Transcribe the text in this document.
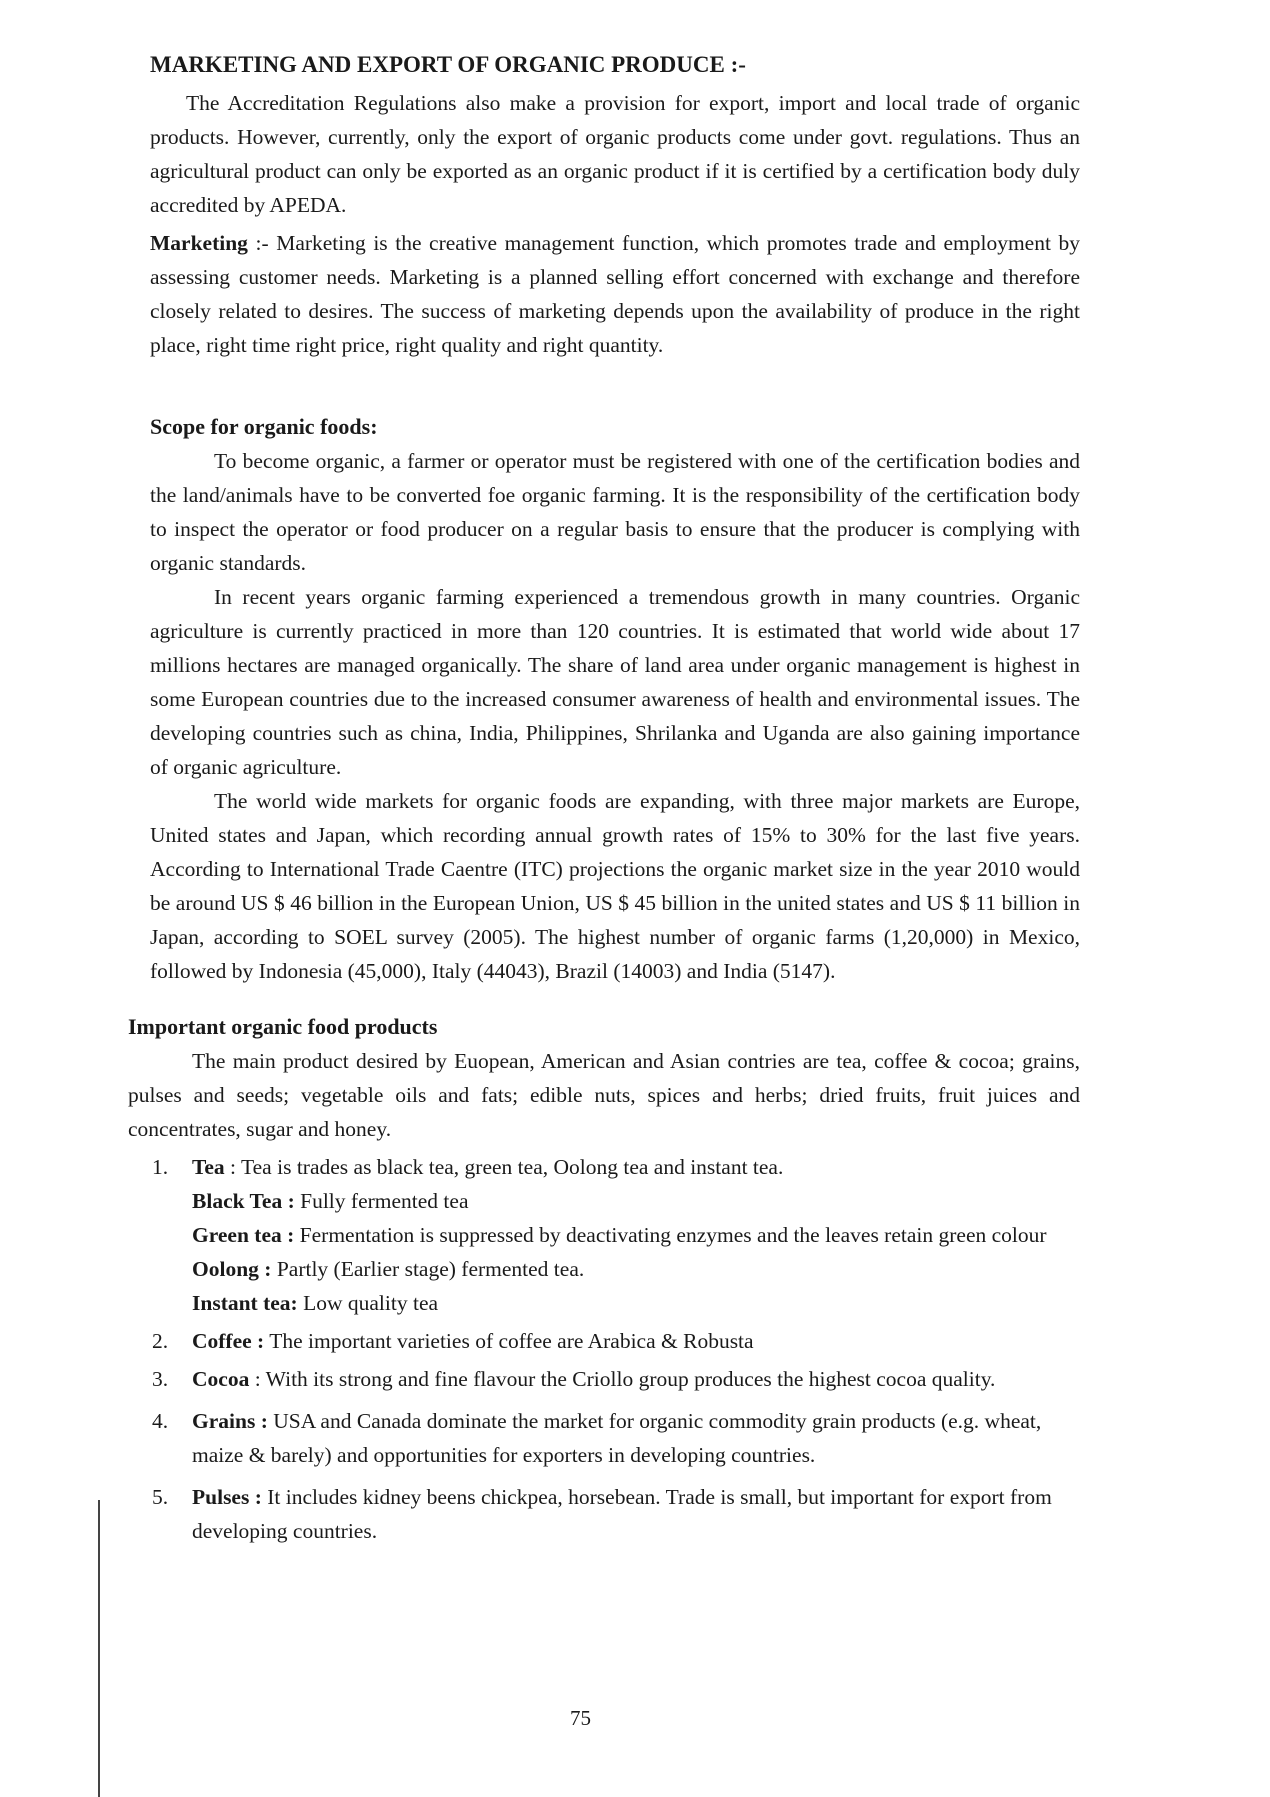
MARKETING AND EXPORT OF ORGANIC PRODUCE :-

The Accreditation Regulations also make a provision for export, import and local trade of organic products. However, currently, only the export of organic products come under govt. regulations. Thus an agricultural product can only be exported as an organic product if it is certified by a certification body duly accredited by APEDA.

Marketing :- Marketing is the creative management function, which promotes trade and employment by assessing customer needs. Marketing is a planned selling effort concerned with exchange and therefore closely related to desires. The success of marketing depends upon the availability of produce in the right place, right time right price, right quality and right quantity.

Scope for organic foods:

To become organic, a farmer or operator must be registered with one of the certification bodies and the land/animals have to be converted foe organic farming. It is the responsibility of the certification body to inspect the operator or food producer on a regular basis to ensure that the producer is complying with organic standards.

In recent years organic farming experienced a tremendous growth in many countries. Organic agriculture is currently practiced in more than 120 countries. It is estimated that world wide about 17 millions hectares are managed organically. The share of land area under organic management is highest in some European countries due to the increased consumer awareness of health and environmental issues. The developing countries such as china, India, Philippines, Shrilanka and Uganda are also gaining importance of organic agriculture.

The world wide markets for organic foods are expanding, with three major markets are Europe, United states and Japan, which recording annual growth rates of 15% to 30% for the last five years. According to International Trade Caentre (ITC) projections the organic market size in the year 2010 would be around US $ 46 billion in the European Union, US $ 45 billion in the united states and US $ 11 billion in Japan, according to SOEL survey (2005). The highest number of organic farms (1,20,000) in Mexico, followed by Indonesia (45,000), Italy (44043), Brazil (14003) and India (5147).

Important organic food products

The main product desired by Euopean, American and Asian contries are tea, coffee & cocoa; grains, pulses and seeds; vegetable oils and fats; edible nuts, spices and herbs; dried fruits, fruit juices and concentrates, sugar and honey.

1. Tea : Tea is trades as black tea, green tea, Oolong tea and instant tea.
Black Tea : Fully fermented tea
Green tea : Fermentation is suppressed by deactivating enzymes and the leaves retain green colour
Oolong : Partly (Earlier stage) fermented tea.
Instant tea: Low quality tea
2. Coffee : The important varieties of coffee are Arabica & Robusta
3. Cocoa : With its strong and fine flavour the Criollo group produces the highest cocoa quality.
4. Grains : USA and Canada dominate the market for organic commodity grain products (e.g. wheat, maize & barely) and opportunities for exporters in developing countries.
5. Pulses : It includes kidney beens chickpea, horsebean. Trade is small, but important for export from developing countries.
75
